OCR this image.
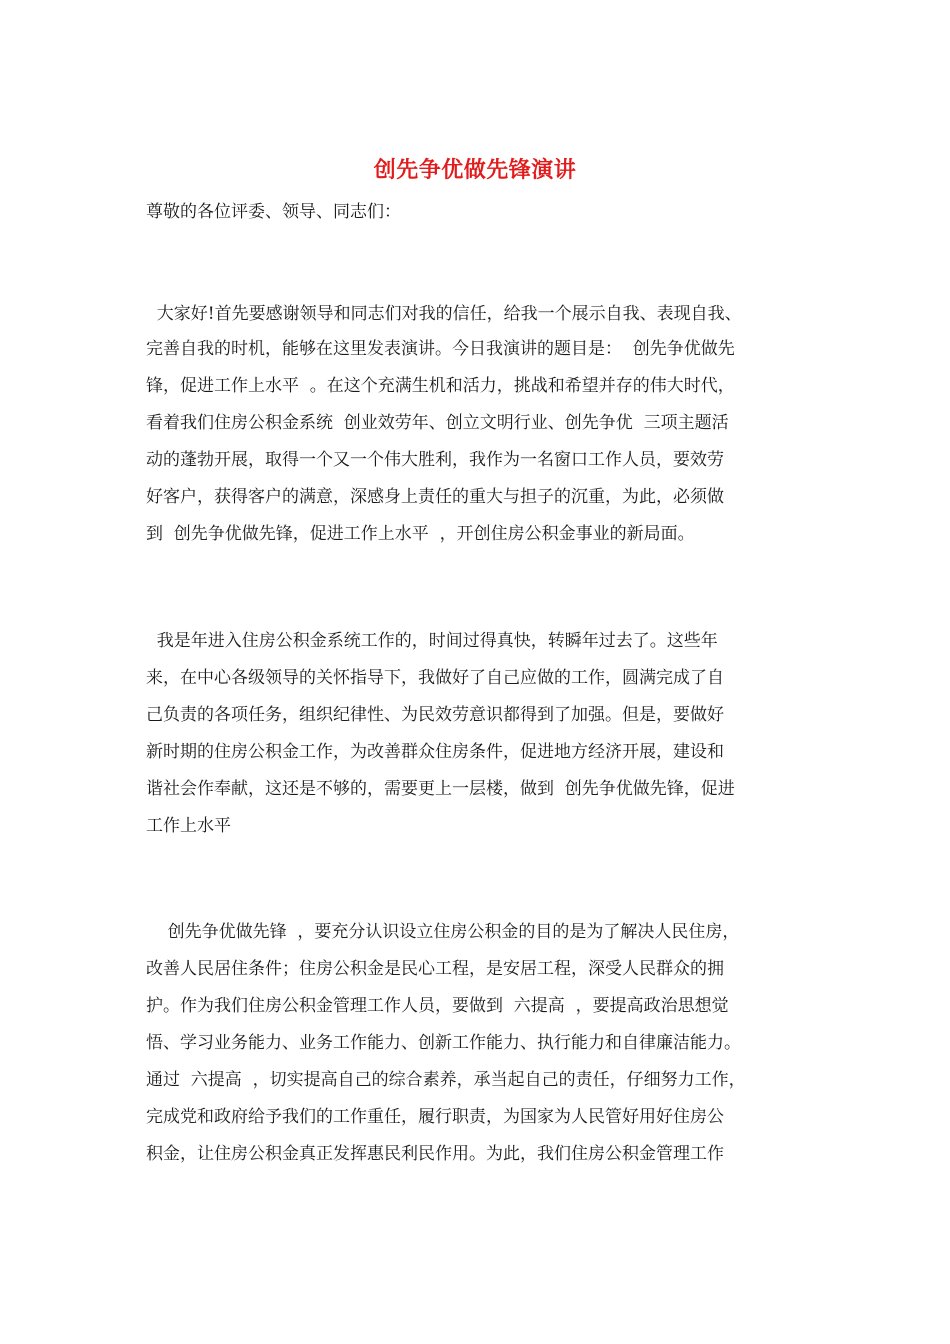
创先争优做先锋演讲
尊敬的各位评委、领导、同志们：
大家好!首先要感谢领导和同志们对我的信任，给我一个展示自我、表现自我、
完善自我的时机，能够在这里发表演讲。今日我演讲的题目是：  创先争优做先
锋，促进工作上水平  。在这个充满生机和活力，挑战和希望并存的伟大时代，
看着我们住房公积金系统  创业效劳年、创立文明行业、创先争优  三项主题活
动的蓬勃开展，取得一个又一个伟大胜利，我作为一名窗口工作人员，要效劳
好客户，获得客户的满意，深感身上责任的重大与担子的沉重，为此，必须做
到  创先争优做先锋，促进工作上水平  ，开创住房公积金事业的新局面。
我是年进入住房公积金系统工作的，时间过得真快，转瞬年过去了。这些年
来，在中心各级领导的关怀指导下，我做好了自己应做的工作，圆满完成了自
己负责的各项任务，组织纪律性、为民效劳意识都得到了加强。但是，要做好
新时期的住房公积金工作，为改善群众住房条件，促进地方经济开展，建设和
谐社会作奉献，这还是不够的，需要更上一层楼，做到  创先争优做先锋，促进
工作上水平
创先争优做先锋  ，要充分认识设立住房公积金的目的是为了解决人民住房，
改善人民居住条件；住房公积金是民心工程，是安居工程，深受人民群众的拥
护。作为我们住房公积金管理工作人员，要做到  六提高  ，要提高政治思想觉
悟、学习业务能力、业务工作能力、创新工作能力、执行能力和自律廉洁能力。
通过  六提高  ，切实提高自己的综合素养，承当起自己的责任，仔细努力工作，
完成党和政府给予我们的工作重任，履行职责，为国家为人民管好用好住房公
积金，让住房公积金真正发挥惠民利民作用。为此，我们住房公积金管理工作
